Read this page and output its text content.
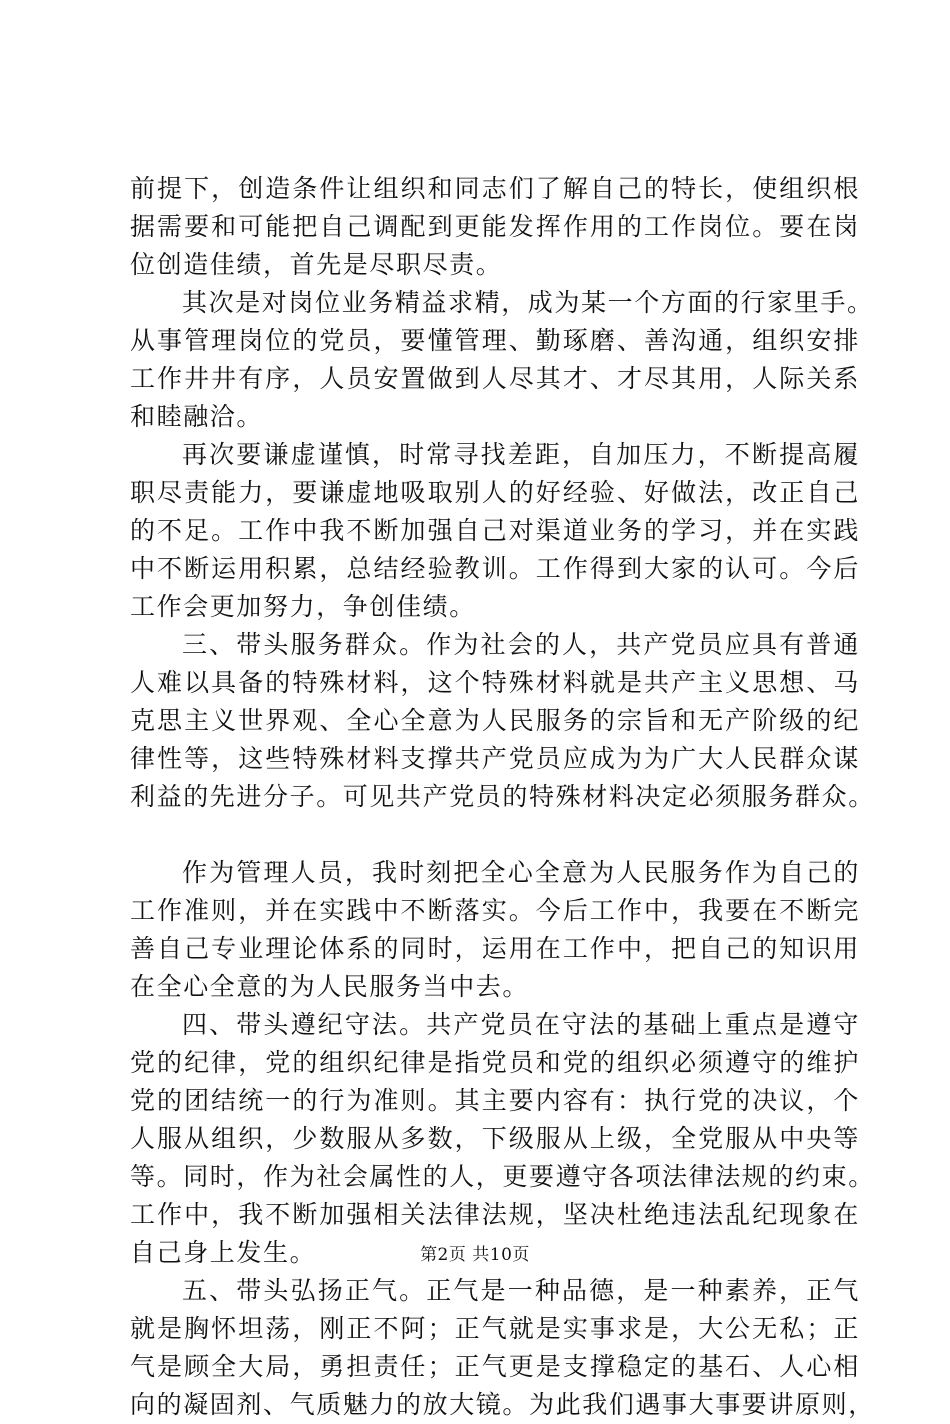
前提下，创造条件让组织和同志们了解自己的特长，使组织根
据需要和可能把自己调配到更能发挥作用的工作岗位。要在岗
位创造佳绩，首先是尽职尽责。
其次是对岗位业务精益求精，成为某一个方面的行家里手。
从事管理岗位的党员，要懂管理、勤琢磨、善沟通，组织安排
工作井井有序，人员安置做到人尽其才、才尽其用，人际关系
和睦融洽。
再次要谦虚谨慎，时常寻找差距，自加压力，不断提高履
职尽责能力，要谦虚地吸取别人的好经验、好做法，改正自己
的不足。工作中我不断加强自己对渠道业务的学习，并在实践
中不断运用积累，总结经验教训。工作得到大家的认可。今后
工作会更加努力，争创佳绩。
三、带头服务群众。作为社会的人，共产党员应具有普通
人难以具备的特殊材料，这个特殊材料就是共产主义思想、马
克思主义世界观、全心全意为人民服务的宗旨和无产阶级的纪
律性等，这些特殊材料支撑共产党员应成为为广大人民群众谋
利益的先进分子。可见共产党员的特殊材料决定必须服务群众。
作为管理人员，我时刻把全心全意为人民服务作为自己的
工作准则，并在实践中不断落实。今后工作中，我要在不断完
善自己专业理论体系的同时，运用在工作中，把自己的知识用
在全心全意的为人民服务当中去。
四、带头遵纪守法。共产党员在守法的基础上重点是遵守
党的纪律，党的组织纪律是指党员和党的组织必须遵守的维护
党的团结统一的行为准则。其主要内容有：执行党的决议，个
人服从组织，少数服从多数，下级服从上级，全党服从中央等
等。同时，作为社会属性的人，更要遵守各项法律法规的约束。
工作中，我不断加强相关法律法规，坚决杜绝违法乱纪现象在
自己身上发生。
五、带头弘扬正气。正气是一种品德，是一种素养，正气
就是胸怀坦荡，刚正不阿；正气就是实事求是，大公无私；正
气是顾全大局，勇担责任；正气更是支撑稳定的基石、人心相
向的凝固剂、气质魅力的放大镜。为此我们遇事大事要讲原则，
第2页 共10页
